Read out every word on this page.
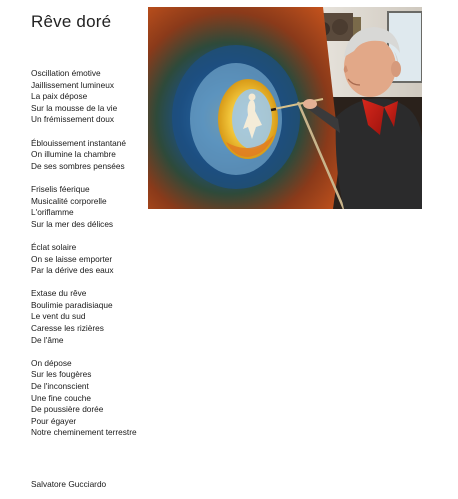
Rêve doré
Oscillation émotive
Jaillissement lumineux
La paix dépose
Sur la mousse de la vie
Un frémissement doux
Éblouissement instantané
On illumine la chambre
De ses sombres pensées
Friselis féerique
Musicalité corporelle
L'oriflamme
Sur la mer des délices
Éclat solaire
On se laisse emporter
Par la dérive des eaux
Extase du rêve
Boulimie paradisiaque
Le vent du sud
Caresse les rizières
De l'âme
On dépose
Sur les fougères
De l'inconscient
Une fine couche
De poussière dorée
Pour égayer
Notre cheminement terrestre
Salvatore Gucciardo
